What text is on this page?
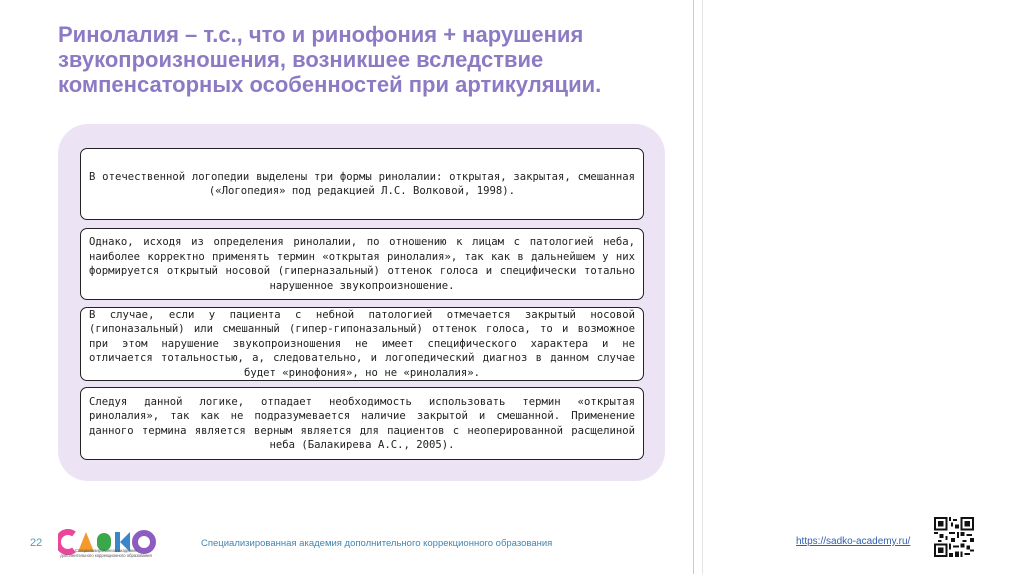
Ринолалия – т.с., что и ринофония + нарушения звукопроизношения, возникшее вследствие компенсаторных особенностей при артикуляции.
В отечественной логопедии выделены три формы ринолалии: открытая, закрытая, смешанная («Логопедия» под редакцией Л.С. Волковой, 1998).
Однако, исходя из определения ринолалии, по отношению к лицам с патологией неба, наиболее корректно применять термин «открытая ринолалия», так как в дальнейшем у них формируется открытый носовой (гиперназальный) оттенок голоса и специфически тотально нарушенное звукопроизношение.
В случае, если у пациента с небной патологией отмечается закрытый носовой (гипоназальный) или смешанный (гипер-гипоназальный) оттенок голоса, то и возможное при этом нарушение звукопроизношения не имеет специфического характера и не отличается тотальностью, а, следовательно, и логопедический диагноз в данном случае будет «ринофония», но не «ринолалия».
Следуя данной логике, отпадает необходимость использовать термин «открытая ринолалия», так как не подразумевается наличие закрытой и смешанной. Применение данного термина является верным является для пациентов с неоперированной расщелиной неба (Балакирева А.С., 2005).
22
Специализированная академия дополнительного коррекционного образования
Специализированная академия дополнительного коррекционного образования	https://sadko-academy.ru/
